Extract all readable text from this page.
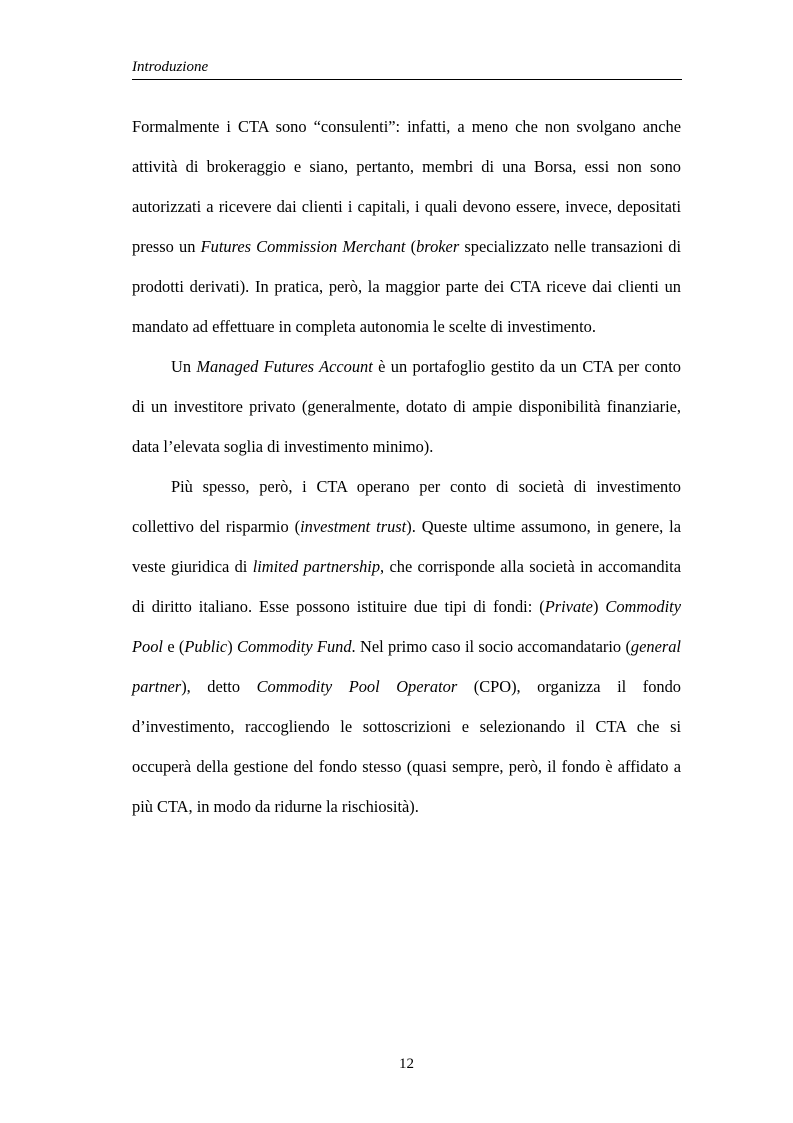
Introduzione

Formalmente i CTA sono “consulenti”: infatti, a meno che non svolgano anche attività di brokeraggio e siano, pertanto, membri di una Borsa, essi non sono autorizzati a ricevere dai clienti i capitali, i quali devono essere, invece, depositati presso un Futures Commission Merchant (broker specializzato nelle transazioni di prodotti derivati). In pratica, però, la maggior parte dei CTA riceve dai clienti un mandato ad effettuare in completa autonomia le scelte di investimento.

Un Managed Futures Account è un portafoglio gestito da un CTA per conto di un investitore privato (generalmente, dotato di ampie disponibilità finanziarie, data l’elevata soglia di investimento minimo).

Più spesso, però, i CTA operano per conto di società di investimento collettivo del risparmio (investment trust). Queste ultime assumono, in genere, la veste giuridica di limited partnership, che corrisponde alla società in accomandita di diritto italiano. Esse possono istituire due tipi di fondi: (Private) Commodity Pool e (Public) Commodity Fund. Nel primo caso il socio accomandatario (general partner), detto Commodity Pool Operator (CPO), organizza il fondo d’investimento, raccogliendo le sottoscrizioni e selezionando il CTA che si occuperà della gestione del fondo stesso (quasi sempre, però, il fondo è affidato a più CTA, in modo da ridurne la rischiosità).

12
